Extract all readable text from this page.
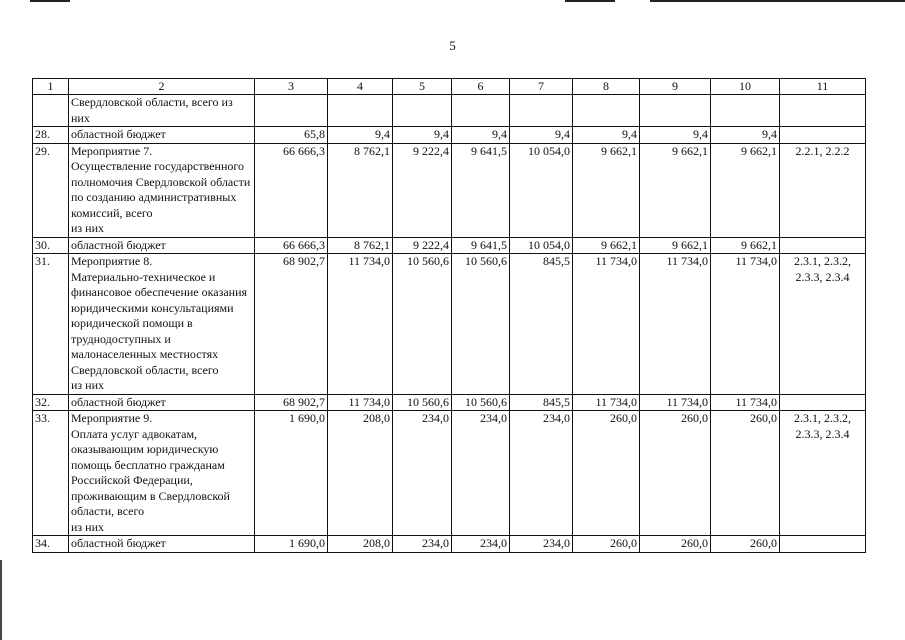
5
1	2	3	4	5	6	7	8	9	10	11
	Свердловской области, всего из них									
28.	областной бюджет	65,8	9,4	9,4	9,4	9,4	9,4	9,4	9,4	
29.	Мероприятие 7.
Осуществление государственного полномочия Свердловской области по созданию административных комиссий, всего
из них	66 666,3	8 762,1	9 222,4	9 641,5	10 054,0	9 662,1	9 662,1	9 662,1	2.2.1, 2.2.2
30.	областной бюджет	66 666,3	8 762,1	9 222,4	9 641,5	10 054,0	9 662,1	9 662,1	9 662,1	
31.	Мероприятие 8.
Материально-техническое и финансовое обеспечение оказания юридическими консультациями юридической помощи в труднодоступных и малонаселенных местностях Свердловской области, всего
из них	68 902,7	11 734,0	10 560,6	10 560,6	845,5	11 734,0	11 734,0	11 734,0	2.3.1, 2.3.2, 2.3.3, 2.3.4
32.	областной бюджет	68 902,7	11 734,0	10 560,6	10 560,6	845,5	11 734,0	11 734,0	11 734,0	
33.	Мероприятие 9.
Оплата услуг адвокатам, оказывающим юридическую помощь бесплатно гражданам Российской Федерации, проживающим в Свердловской области, всего
из них	1 690,0	208,0	234,0	234,0	234,0	260,0	260,0	260,0	2.3.1, 2.3.2, 2.3.3, 2.3.4
34.	областной бюджет	1 690,0	208,0	234,0	234,0	234,0	260,0	260,0	260,0	
